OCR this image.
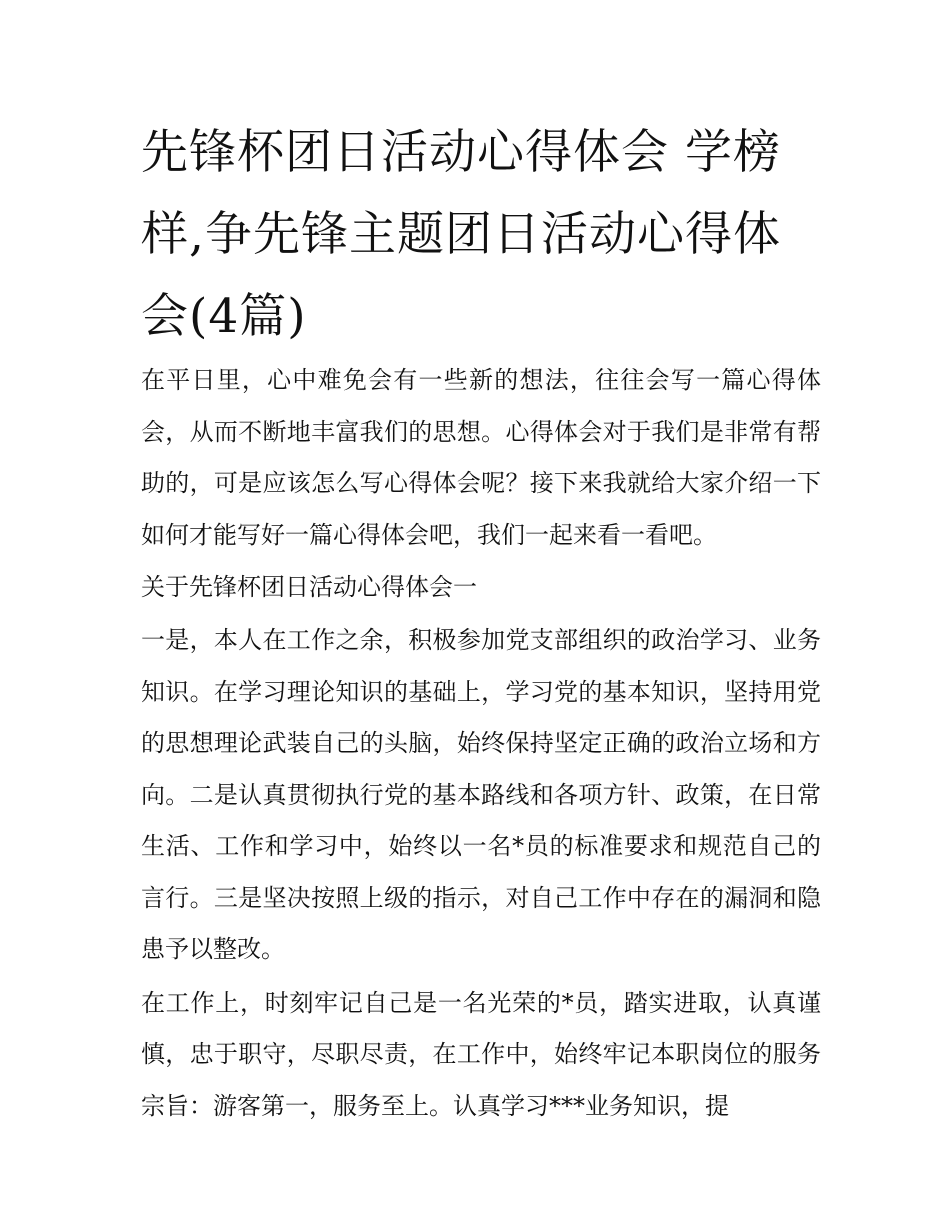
先锋杯团日活动心得体会 学榜样,争先锋主题团日活动心得体会(4篇)

在平日里，心中难免会有一些新的想法，往往会写一篇心得体会，从而不断地丰富我们的思想。心得体会对于我们是非常有帮助的，可是应该怎么写心得体会呢？接下来我就给大家介绍一下如何才能写好一篇心得体会吧，我们一起来看一看吧。

关于先锋杯团日活动心得体会一

一是，本人在工作之余，积极参加党支部组织的政治学习、业务知识。在学习理论知识的基础上，学习党的基本知识，坚持用党的思想理论武装自己的头脑，始终保持坚定正确的政治立场和方向。二是认真贯彻执行党的基本路线和各项方针、政策，在日常生活、工作和学习中，始终以一名*员的标准要求和规范自己的言行。三是坚决按照上级的指示，对自己工作中存在的漏洞和隐患予以整改。

在工作上，时刻牢记自己是一名光荣的*员，踏实进取，认真谨慎，忠于职守，尽职尽责，在工作中，始终牢记本职岗位的服务宗旨：游客第一，服务至上。认真学习***业务知识，提
